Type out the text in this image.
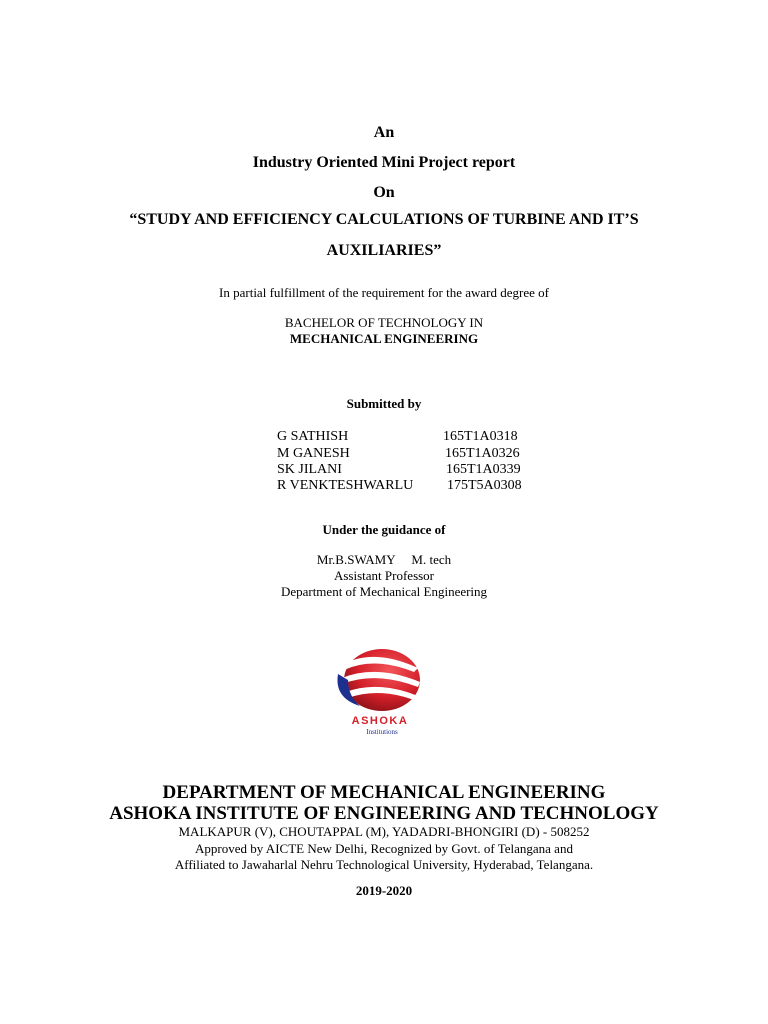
An
Industry Oriented Mini Project report
On
“STUDY AND EFFICIENCY CALCULATIONS OF TURBINE AND IT’S
AUXILIARIES”
In partial fulfillment of the requirement for the award degree of
BACHELOR OF TECHNOLOGY IN
MECHANICAL ENGINEERING
Submitted by
G SATHISH	165T1A0318
M GANESH	165T1A0326
SK JILANI	165T1A0339
R VENKTESHWARLU 175T5A0308
Under the guidance of
Mr.B.SWAMY     M. tech
Assistant Professor
Department of Mechanical Engineering
ASHOKA
Institutions
DEPARTMENT OF MECHANICAL ENGINEERING
ASHOKA INSTITUTE OF ENGINEERING AND TECHNOLOGY
MALKAPUR (V), CHOUTAPPAL (M), YADADRI-BHONGIRI (D) - 508252
Approved by AICTE New Delhi, Recognized by Govt. of Telangana and
Affiliated to Jawaharlal Nehru Technological University, Hyderabad, Telangana.
2019-2020
